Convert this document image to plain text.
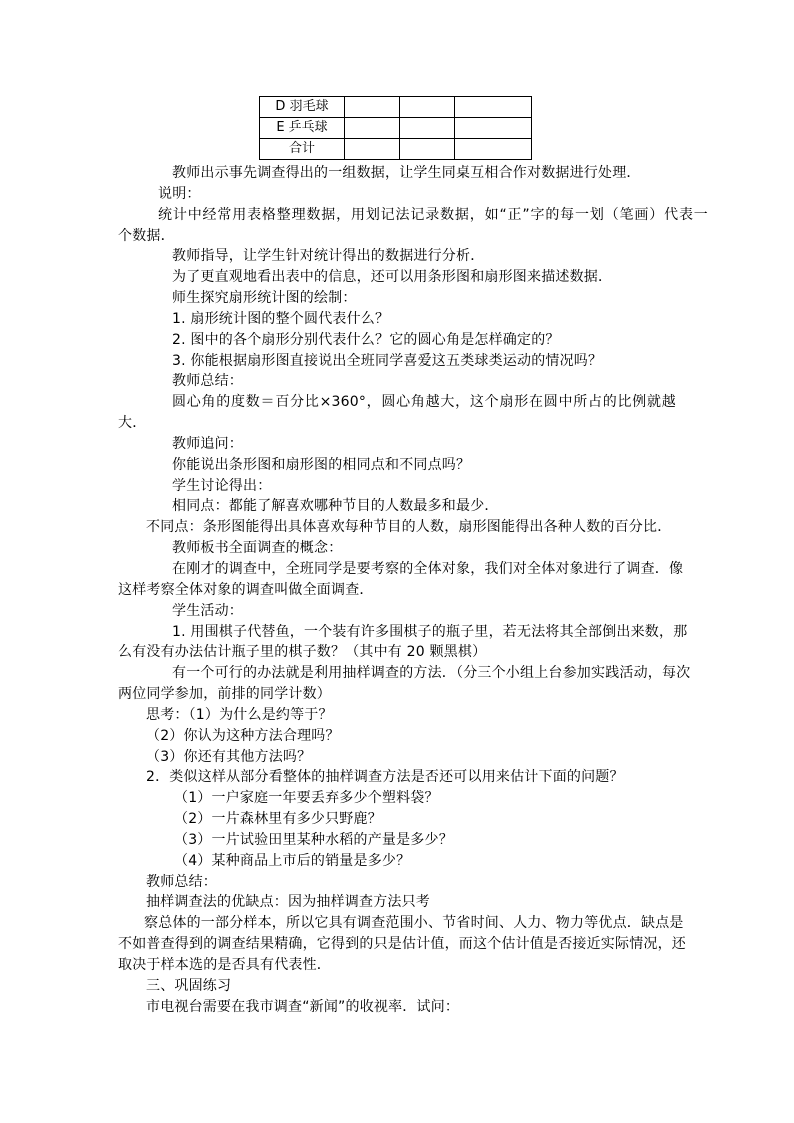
D 羽毛球			
E 乒乓球			
合计			
教师出示事先调查得出的一组数据，让学生同桌互相合作对数据进行处理．
说明：
统计中经常用表格整理数据，用划记法记录数据，如“正”字的每一划（笔画）代表一
个数据．
教师指导，让学生针对统计得出的数据进行分析．
为了更直观地看出表中的信息，还可以用条形图和扇形图来描述数据．
师生探究扇形统计图的绘制：
1. 扇形统计图的整个圆代表什么？
2. 图中的各个扇形分别代表什么？它的圆心角是怎样确定的？
3. 你能根据扇形图直接说出全班同学喜爱这五类球类运动的情况吗？
教师总结：
圆心角的度数＝百分比×360°，圆心角越大，这个扇形在圆中所占的比例就越
大．
教师追问：
你能说出条形图和扇形图的相同点和不同点吗？
学生讨论得出：
相同点：都能了解喜欢哪种节目的人数最多和最少．
不同点：条形图能得出具体喜欢每种节目的人数，扇形图能得出各种人数的百分比．
教师板书全面调查的概念：
在刚才的调查中，全班同学是要考察的全体对象，我们对全体对象进行了调查．像
这样考察全体对象的调查叫做全面调查．
学生活动：
1. 用围棋子代替鱼，一个装有许多围棋子的瓶子里，若无法将其全部倒出来数，那
么有没有办法估计瓶子里的棋子数？（其中有 20 颗黑棋）
有一个可行的办法就是利用抽样调查的方法．（分三个小组上台参加实践活动，每次
两位同学参加，前排的同学计数）
思考：（1）为什么是约等于？
（2）你认为这种方法合理吗？
（3）你还有其他方法吗？
2．类似这样从部分看整体的抽样调查方法是否还可以用来估计下面的问题？
（1）一户家庭一年要丢弃多少个塑料袋？
（2）一片森林里有多少只野鹿？
（3）一片试验田里某种水稻的产量是多少？
（4）某种商品上市后的销量是多少？
教师总结：
抽样调查法的优缺点：因为抽样调查方法只考
察总体的一部分样本，所以它具有调查范围小、节省时间、人力、物力等优点．缺点是
不如普查得到的调查结果精确，它得到的只是估计值，而这个估计值是否接近实际情况，还
取决于样本选的是否具有代表性．
三、巩固练习
市电视台需要在我市调查“新闻”的收视率．试问：
